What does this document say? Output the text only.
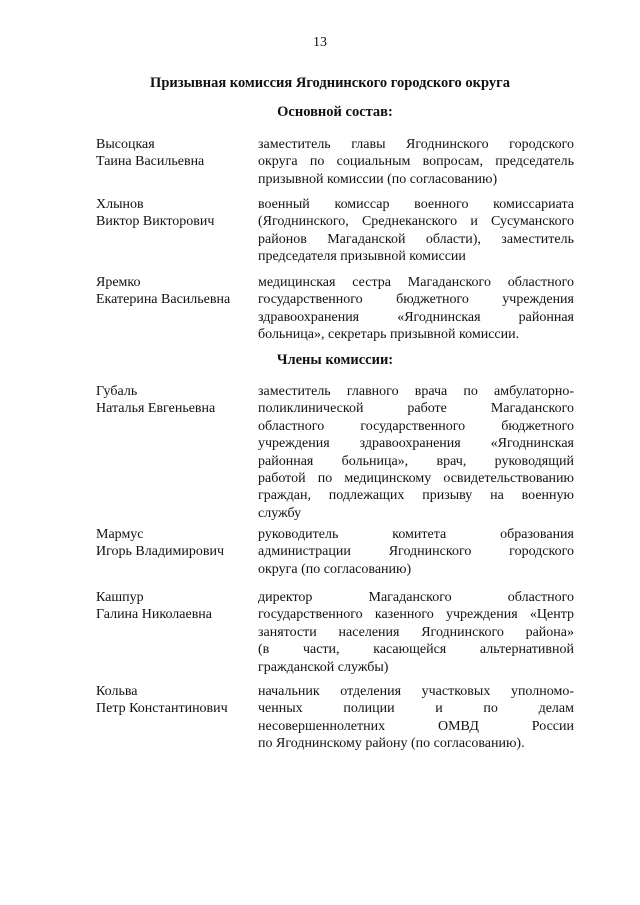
13
Призывная комиссия Ягоднинского городского округа
Основной состав:
Высоцкая
Таина Васильевна
заместитель главы Ягоднинского городского
округа по социальным вопросам, председатель
призывной комиссии (по согласованию)
Хлынов
Виктор Викторович
военный комиссар военного комиссариата
(Ягоднинского, Среднеканского и Сусуманского
районов Магаданской области), заместитель
председателя призывной комиссии
Яремко
Екатерина Васильевна
медицинская сестра Магаданского областного
государственного бюджетного учреждения
здравоохранения «Ягоднинская районная
больница», секретарь призывной комиссии.
Члены комиссии:
Губаль
Наталья Евгеньевна
заместитель главного врача по амбулаторно-
поликлинической работе Магаданского
областного государственного бюджетного
учреждения здравоохранения «Ягоднинская
районная больница», врач, руководящий
работой по медицинскому освидетельствованию
граждан, подлежащих призыву на военную
службу
Мармус
Игорь Владимирович
руководитель комитета образования
администрации Ягоднинского городского
округа (по согласованию)
Кашпур
Галина Николаевна
директор Магаданского областного
государственного казенного учреждения «Центр
занятости населения Ягоднинского района»
(в части, касающейся альтернативной
гражданской службы)
Кольва
Петр Константинович
начальник отделения участковых уполномо-
ченных полиции и по делам
несовершеннолетних ОМВД России
по Ягоднинскому району (по согласованию).
